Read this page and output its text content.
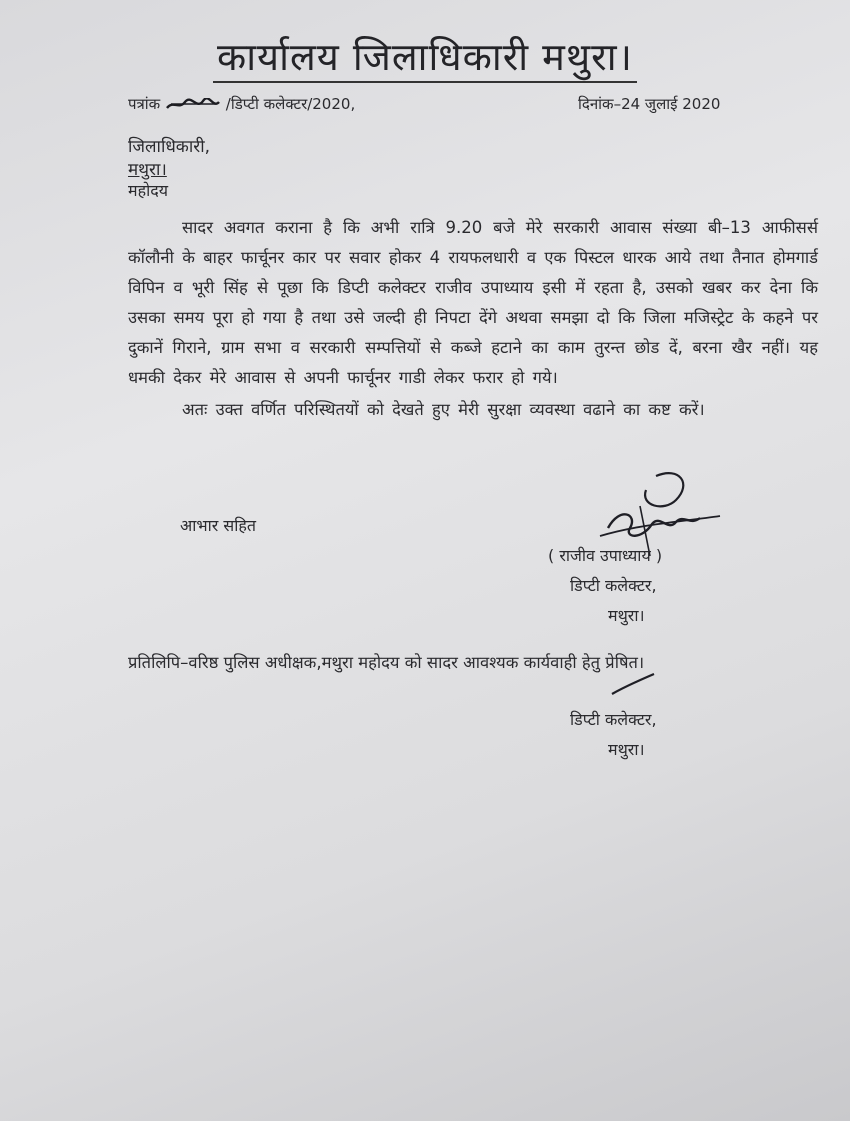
कार्यालय जिलाधिकारी मथुरा।
पत्रांक	/डिप्टी कलेक्टर/2020,	दिनांक–24 जुलाई 2020
जिलाधिकारी,
मथुरा।
महोदय

सादर अवगत कराना है कि अभी रात्रि 9.20 बजे मेरे सरकारी आवास संख्या बी–13 आफीसर्स कॉलौनी के बाहर फार्चूनर कार पर सवार होकर 4 रायफलधारी व एक पिस्टल धारक आये तथा तैनात होमगार्ड विपिन व भूरी सिंह से पूछा कि डिप्टी कलेक्टर राजीव उपाध्याय इसी में रहता है, उसको खबर कर देना कि उसका समय पूरा हो गया है तथा उसे जल्दी ही निपटा देंगे अथवा समझा दो कि जिला मजिस्ट्रेट के कहने पर दुकानें गिराने, ग्राम सभा व सरकारी सम्पत्तियों से कब्जे हटाने का काम तुरन्त छोड दें, बरना खैर नहीं। यह धमकी देकर मेरे आवास से अपनी फार्चूनर गाडी लेकर फरार हो गये।

अतः उक्त वर्णित परिस्थितयों को देखते हुए मेरी सुरक्षा व्यवस्था वढाने का कष्ट करें।

आभार सहित
( राजीव उपाध्याय )
डिप्टी कलेक्टर,
मथुरा।
प्रतिलिपि–वरिष्ठ पुलिस अधीक्षक,मथुरा महोदय को सादर आवश्यक कार्यवाही हेतु प्रेषित।
डिप्टी कलेक्टर,
मथुरा।
